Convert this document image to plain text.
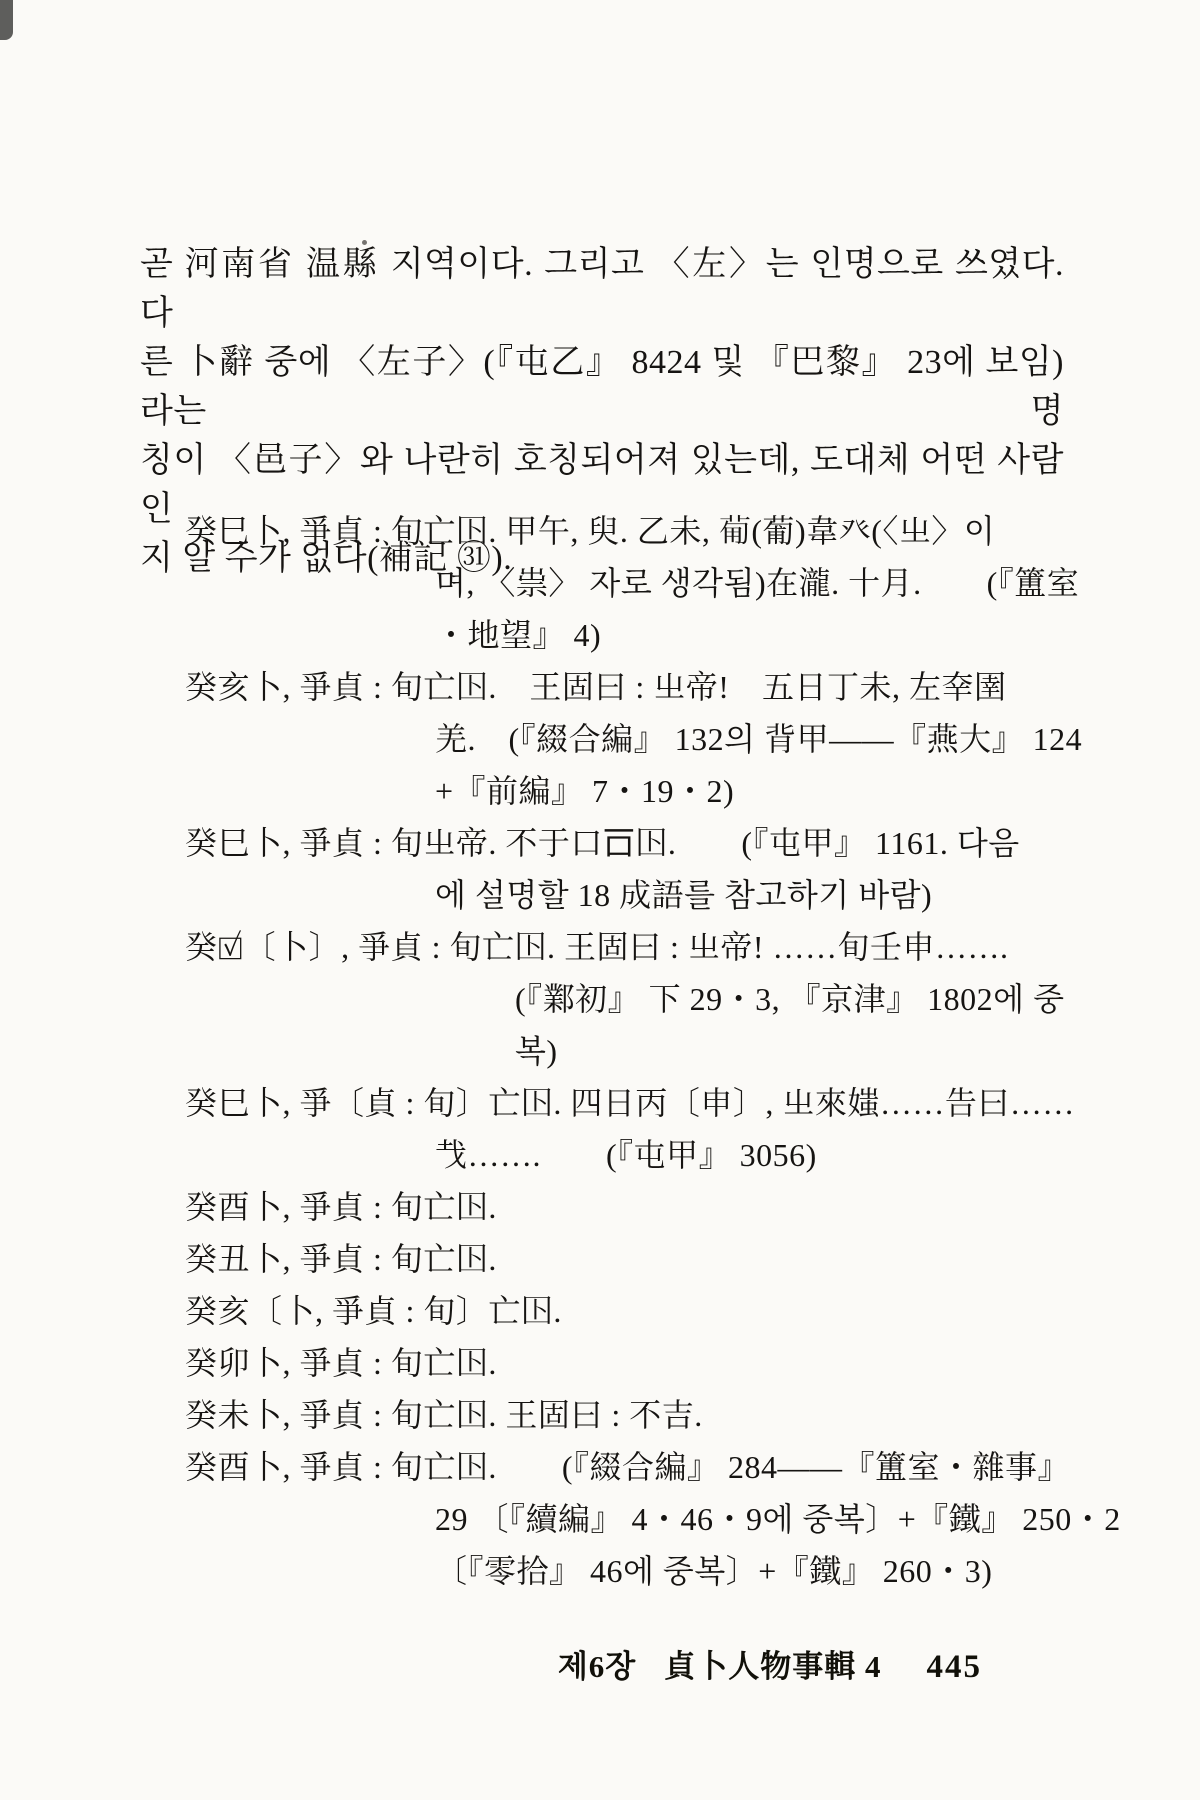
곧 河南省 温縣 지역이다. 그리고 〈左〉는 인명으로 쓰였다. 다
른 卜辭 중에 〈左子〉(『屯乙』 8424 및 『巴黎』 23에 보임)라는 명
칭이 〈邑子〉와 나란히 호칭되어져 있는데, 도대체 어떤 사람인
지 알 수가 없다(補記 ㉛).
癸巳卜, 爭貞 : 旬亡𡆥. 甲午, 臾. 乙未, 𤰈(葡)韋癶(〈㞢〉이
며, 〈祟〉 자로 생각됨)在瀧. 十月.　　(『簠室
・地望』 4)
癸亥卜, 爭貞 : 旬亡𡆥.　王固曰 : 㞢帝!　五日丁未, 左㚔圉
羌.　(『綴合編』 132의 背甲——『燕大』 124
+『前編』 7・19・2)
癸巳卜, 爭貞 : 旬㞢帝. 不于口𠮛𡆥.　　(『屯甲』 1161. 다음
에 설명할 18 成語를 참고하기 바람)
癸☑〔卜〕, 爭貞 : 旬亡𡆥. 王固曰 : 㞢帝! ……旬壬申…….
(『鄴初』 下 29・3, 『京津』 1802에 중
복)
癸巳卜, 爭〔貞 : 旬〕亡𡆥. 四日丙〔申〕, 㞢來媸……告曰……
𢦏…….　　(『屯甲』 3056)
癸酉卜, 爭貞 : 旬亡𡆥.
癸丑卜, 爭貞 : 旬亡𡆥.
癸亥〔卜, 爭貞 : 旬〕亡𡆥.
癸卯卜, 爭貞 : 旬亡𡆥.
癸未卜, 爭貞 : 旬亡𡆥. 王固曰 : 不吉.
癸酉卜, 爭貞 : 旬亡𡆥.　　(『綴合編』 284——『簠室・雜事』
29 〔『續編』 4・46・9에 중복〕+『鐵』 250・2
〔『零拾』 46에 중복〕+『鐵』 260・3)
제6장 貞卜人物事輯 4 445
